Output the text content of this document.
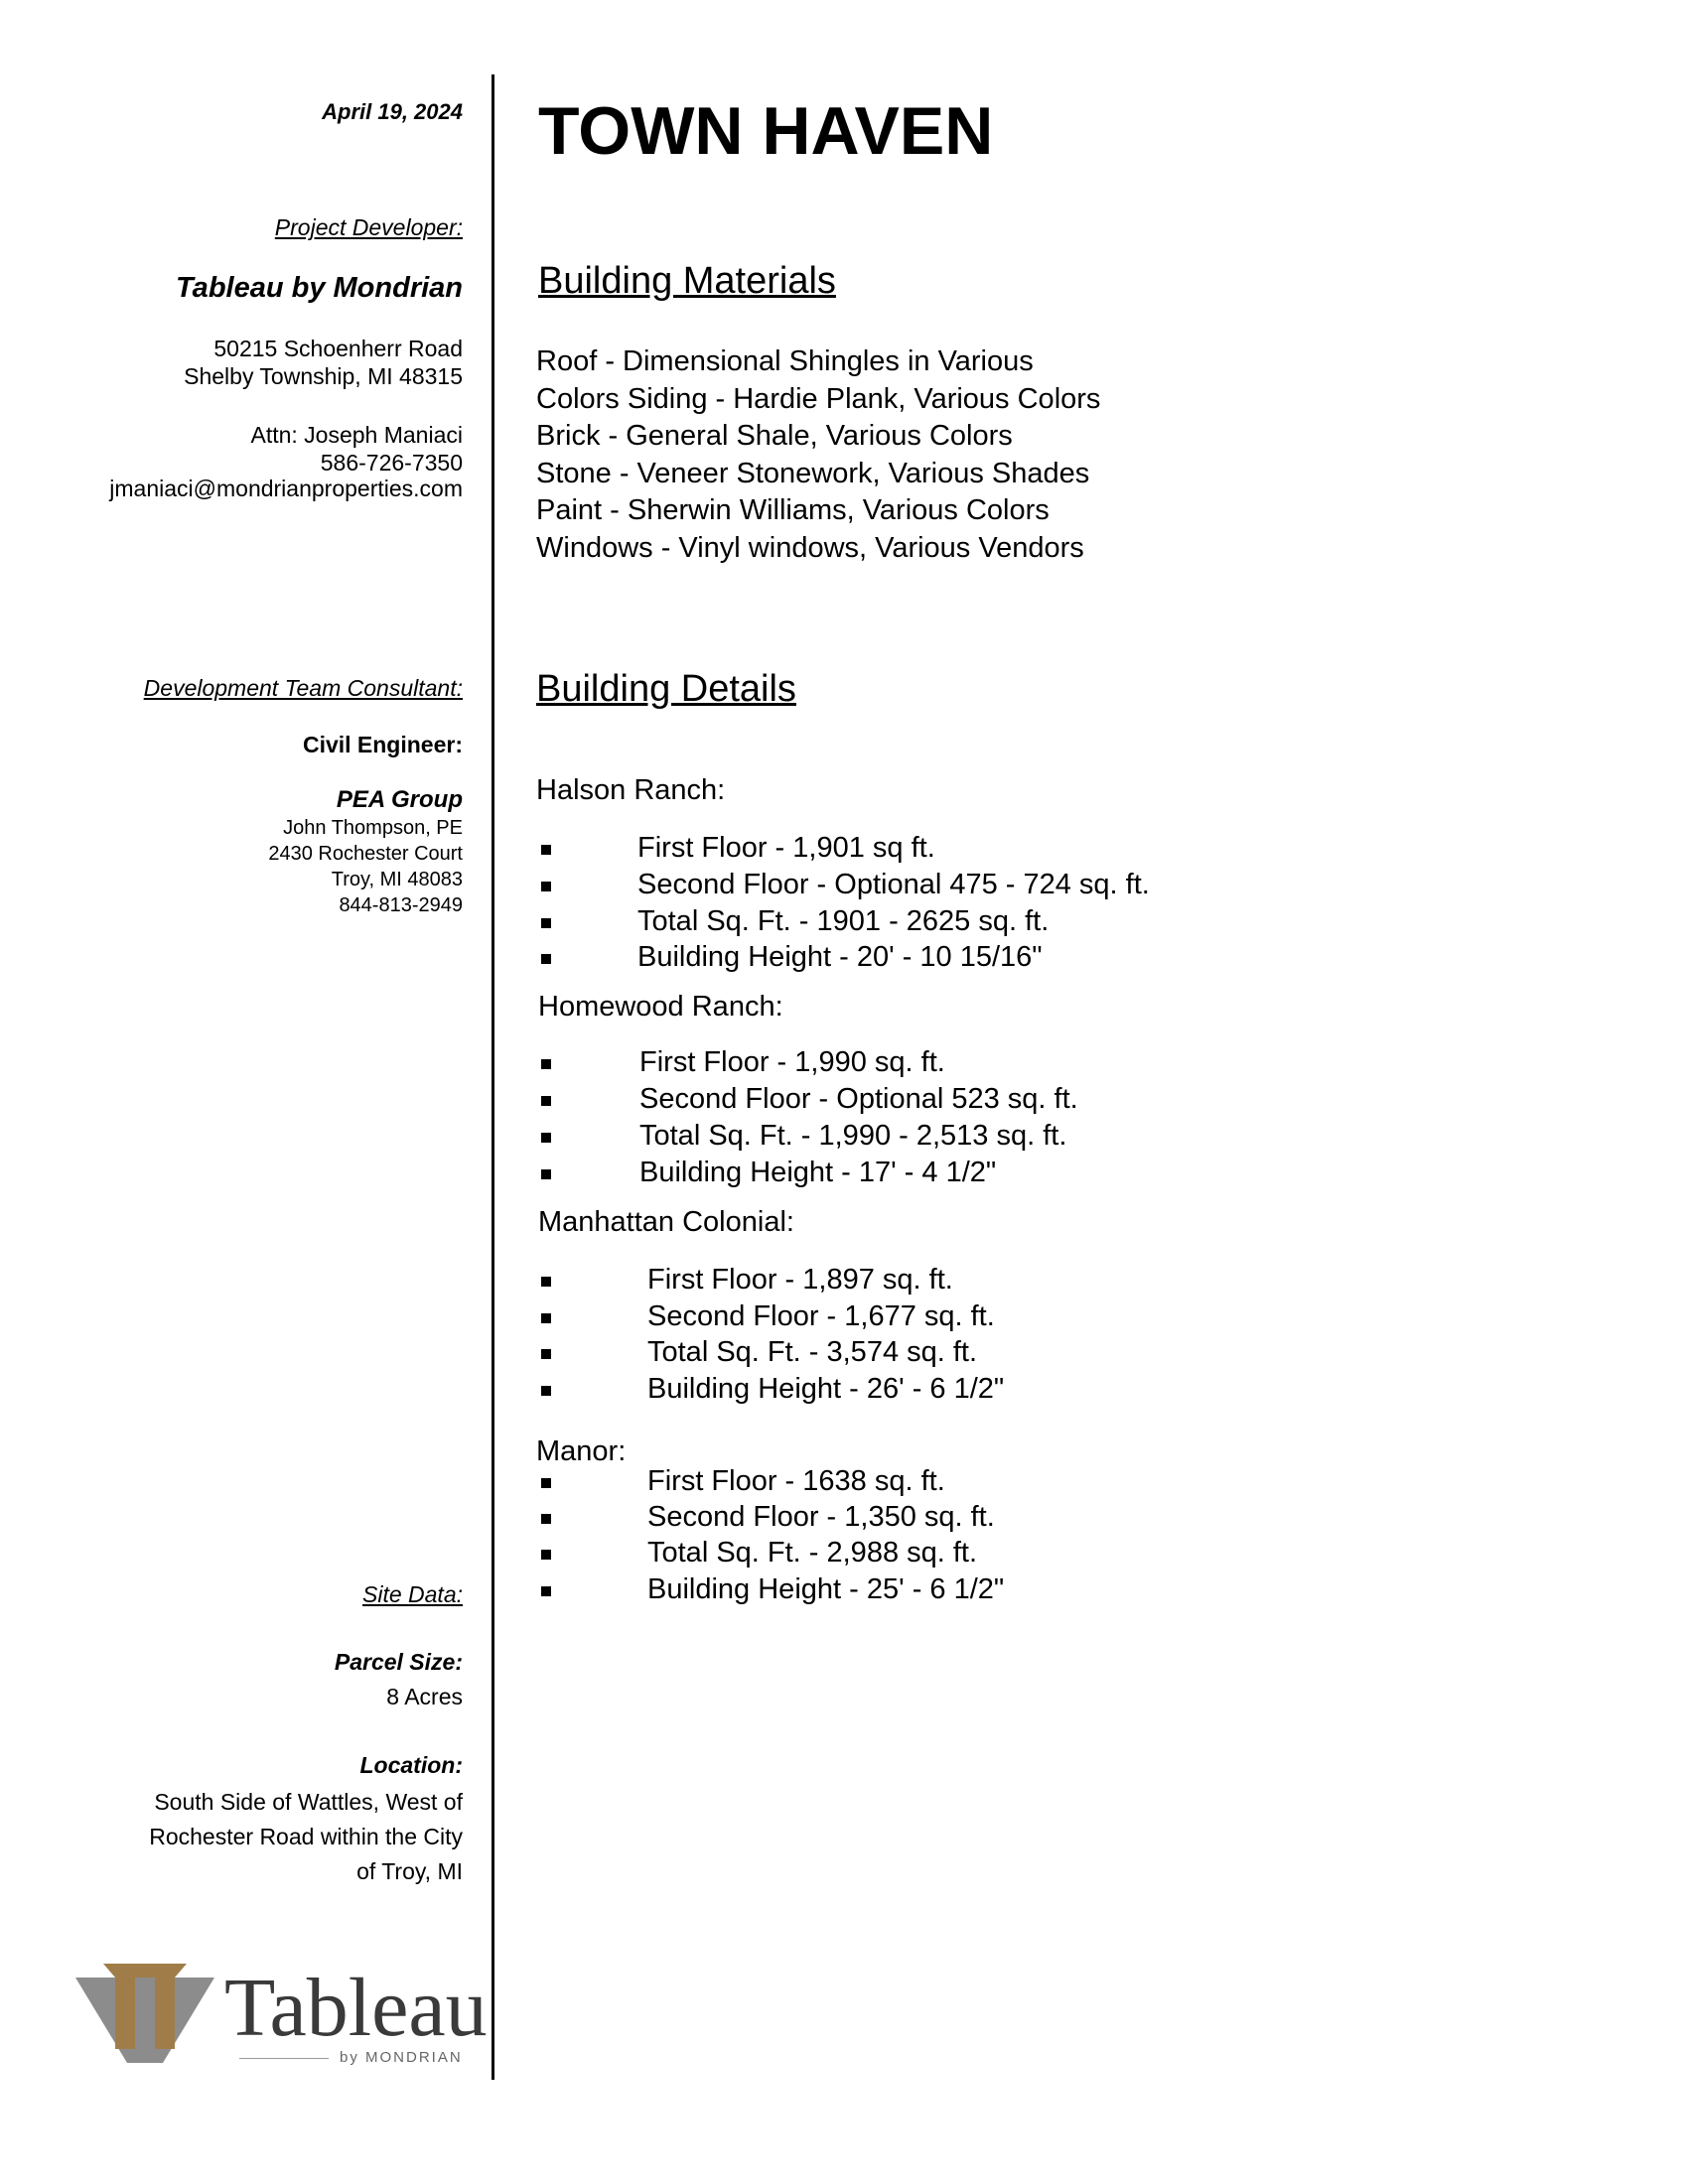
April 19, 2024
Project Developer:
Tableau by Mondrian
50215 Schoenherr Road
Shelby Township, MI 48315
Attn: Joseph Maniaci
586-726-7350
jmaniaci@mondrianproperties.com
Development Team Consultant:
Civil Engineer:
PEA Group
John Thompson, PE
2430 Rochester Court
Troy, MI 48083
844-813-2949
Site Data:
Parcel Size:
8 Acres
Location:
South Side of Wattles, West of
Rochester Road within the City
of Troy, MI
Tableau
by MONDRIAN
TOWN HAVEN
Building Materials
Roof - Dimensional Shingles in Various
Colors Siding - Hardie Plank, Various Colors
Brick - General Shale, Various Colors
Stone - Veneer Stonework, Various Shades
Paint - Sherwin Williams, Various Colors
Windows - Vinyl windows, Various Vendors
Building Details
Halson Ranch:
First Floor - 1,901 sq ft.
Second Floor - Optional 475 - 724 sq. ft.
Total Sq. Ft. - 1901 - 2625 sq. ft.
Building Height - 20' - 10 15/16"
Homewood Ranch:
First Floor - 1,990 sq. ft.
Second Floor - Optional 523 sq. ft.
Total Sq. Ft. - 1,990 - 2,513 sq. ft.
Building Height - 17' - 4 1/2"
Manhattan Colonial:
First Floor - 1,897 sq. ft.
Second Floor - 1,677 sq. ft.
Total Sq. Ft. - 3,574 sq. ft.
Building Height - 26' - 6 1/2"
Manor:
First Floor - 1638 sq. ft.
Second Floor - 1,350 sq. ft.
Total Sq. Ft. - 2,988 sq. ft.
Building Height - 25' - 6 1/2"
